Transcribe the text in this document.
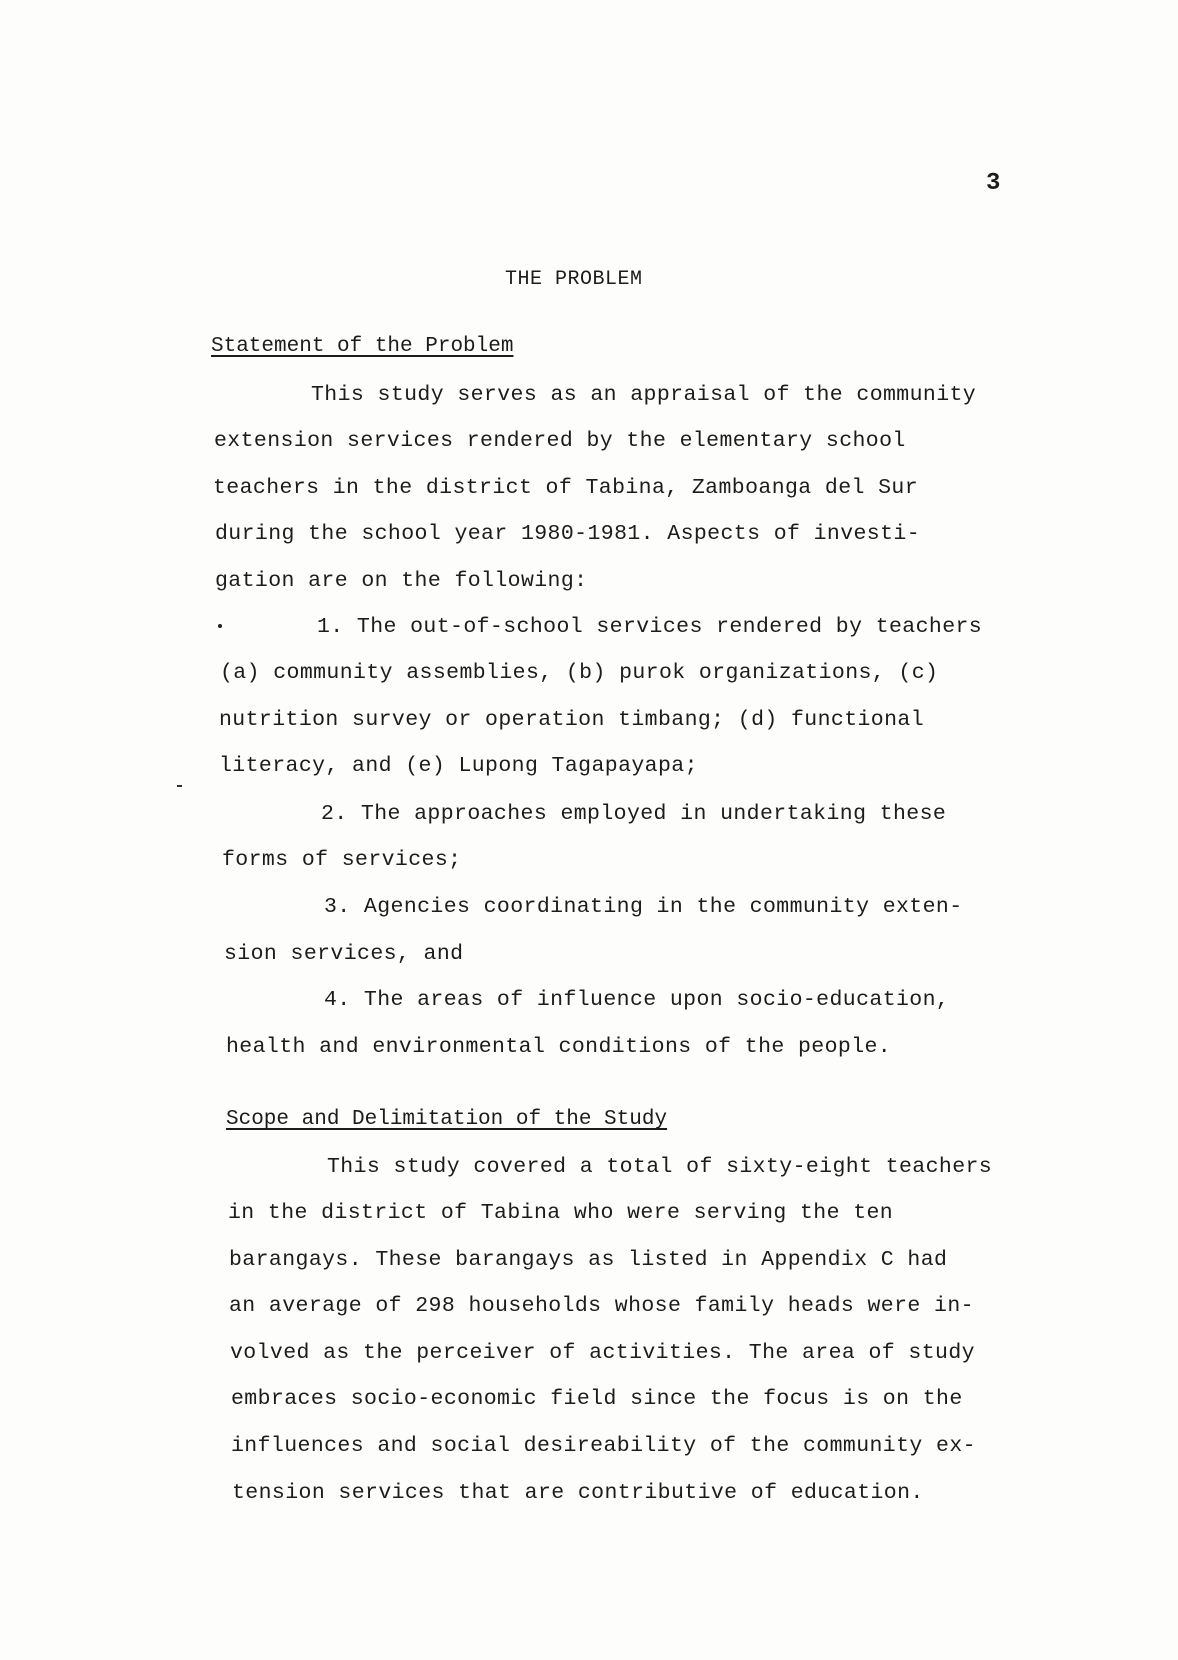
3
THE PROBLEM
Statement of the Problem
This study serves as an appraisal of the community
extension services rendered by the elementary school
teachers in the district of Tabina, Zamboanga del Sur
during the school year 1980-1981. Aspects of investi-
gation are on the following:
1. The out-of-school services rendered by teachers
(a) community assemblies, (b) purok organizations, (c)
nutrition survey or operation timbang; (d) functional
literacy, and (e) Lupong Tagapayapa;
2. The approaches employed in undertaking these
forms of services;
3. Agencies coordinating in the community exten-
sion services, and
4. The areas of influence upon socio-education,
health and environmental conditions of the people.
Scope and Delimitation of the Study
This study covered a total of sixty-eight teachers
in the district of Tabina who were serving the ten
barangays. These barangays as listed in Appendix C had
an average of 298 households whose family heads were in-
volved as the perceiver of activities. The area of study
embraces socio-economic field since the focus is on the
influences and social desireability of the community ex-
tension services that are contributive of education.
